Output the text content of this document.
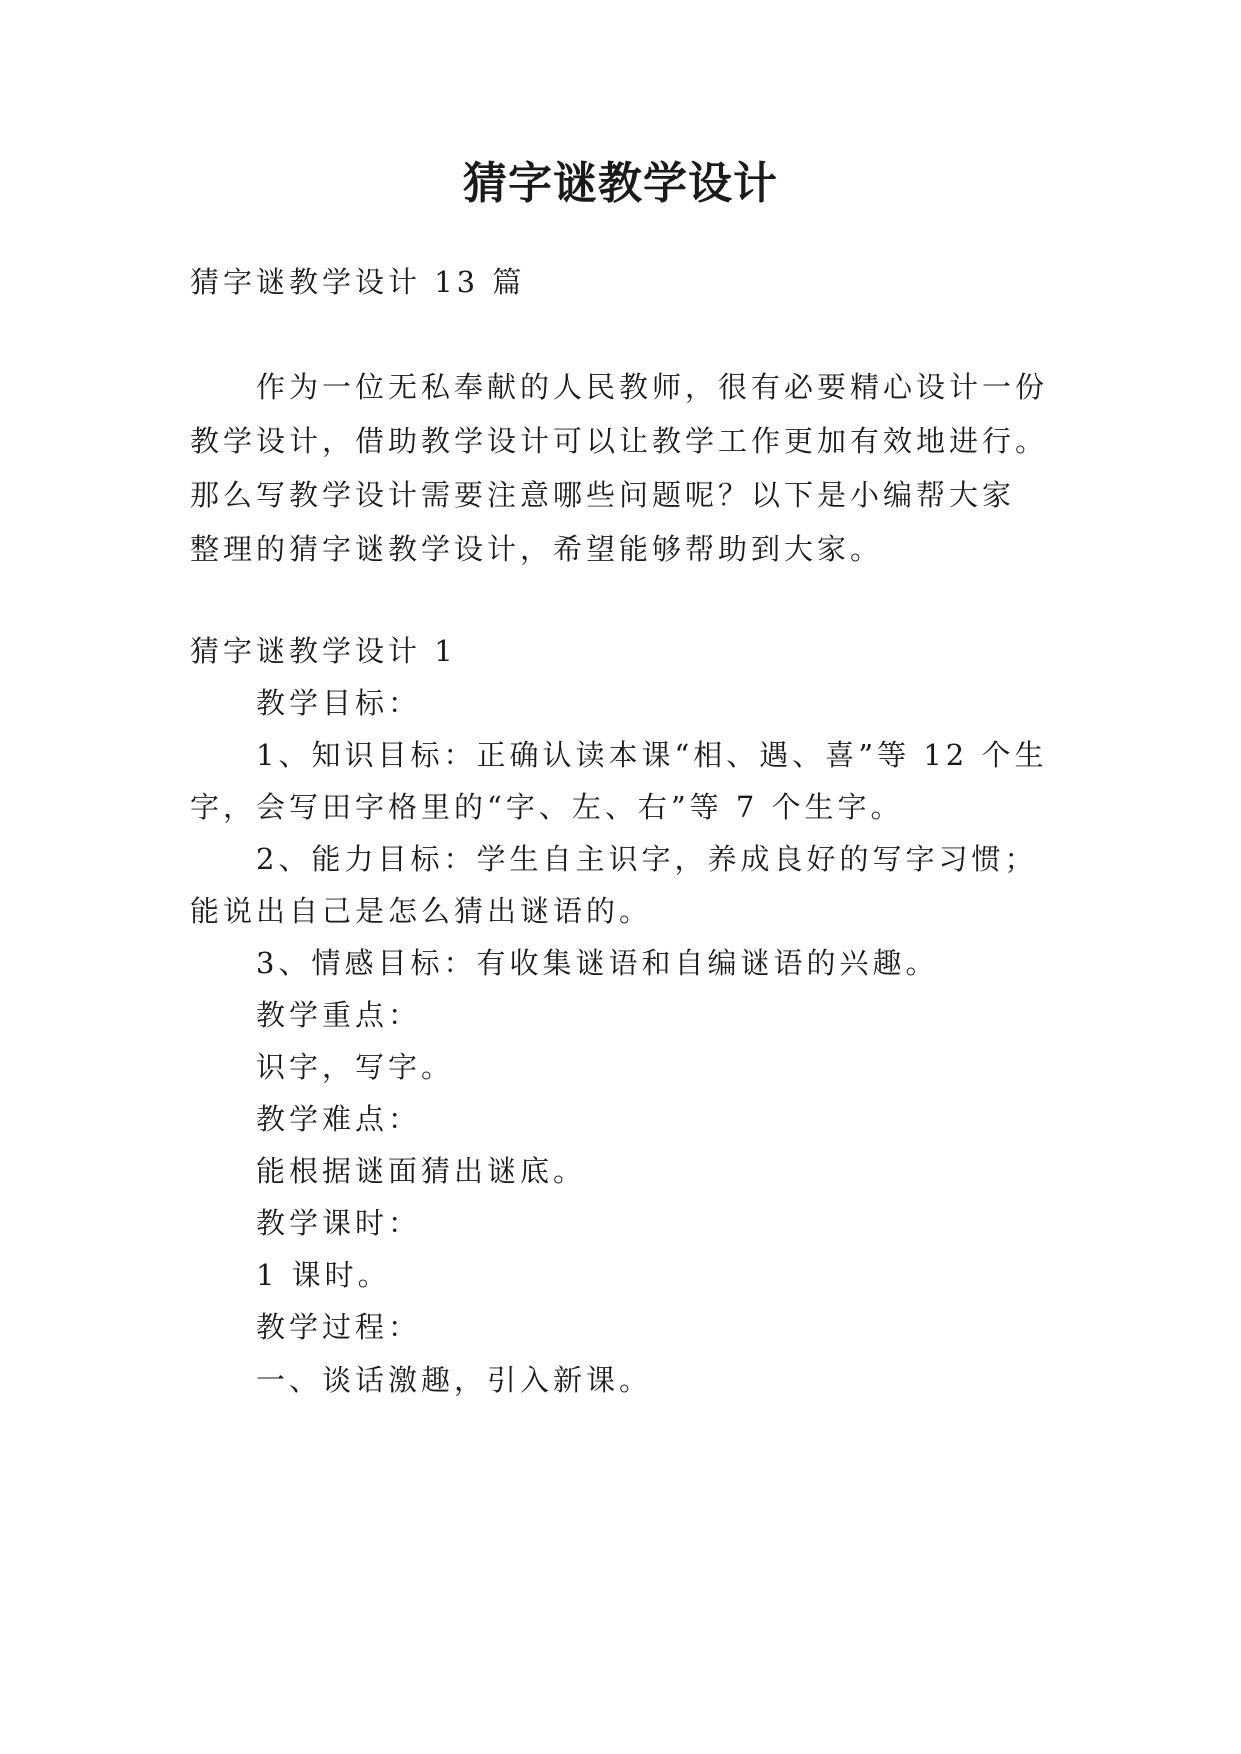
猜字谜教学设计

猜字谜教学设计 13 篇

作为一位无私奉献的人民教师，很有必要精心设计一份

教学设计，借助教学设计可以让教学工作更加有效地进行。

那么写教学设计需要注意哪些问题呢？以下是小编帮大家

整理的猜字谜教学设计，希望能够帮助到大家。

猜字谜教学设计 1

教学目标：

1、知识目标：正确认读本课“相、遇、喜”等 12 个生

字，会写田字格里的“字、左、右”等 7 个生字。

2、能力目标：学生自主识字，养成良好的写字习惯；

能说出自己是怎么猜出谜语的。

3、情感目标：有收集谜语和自编谜语的兴趣。

教学重点：

识字，写字。

教学难点：

能根据谜面猜出谜底。

教学课时：

1 课时。

教学过程：

一、谈话激趣，引入新课。
